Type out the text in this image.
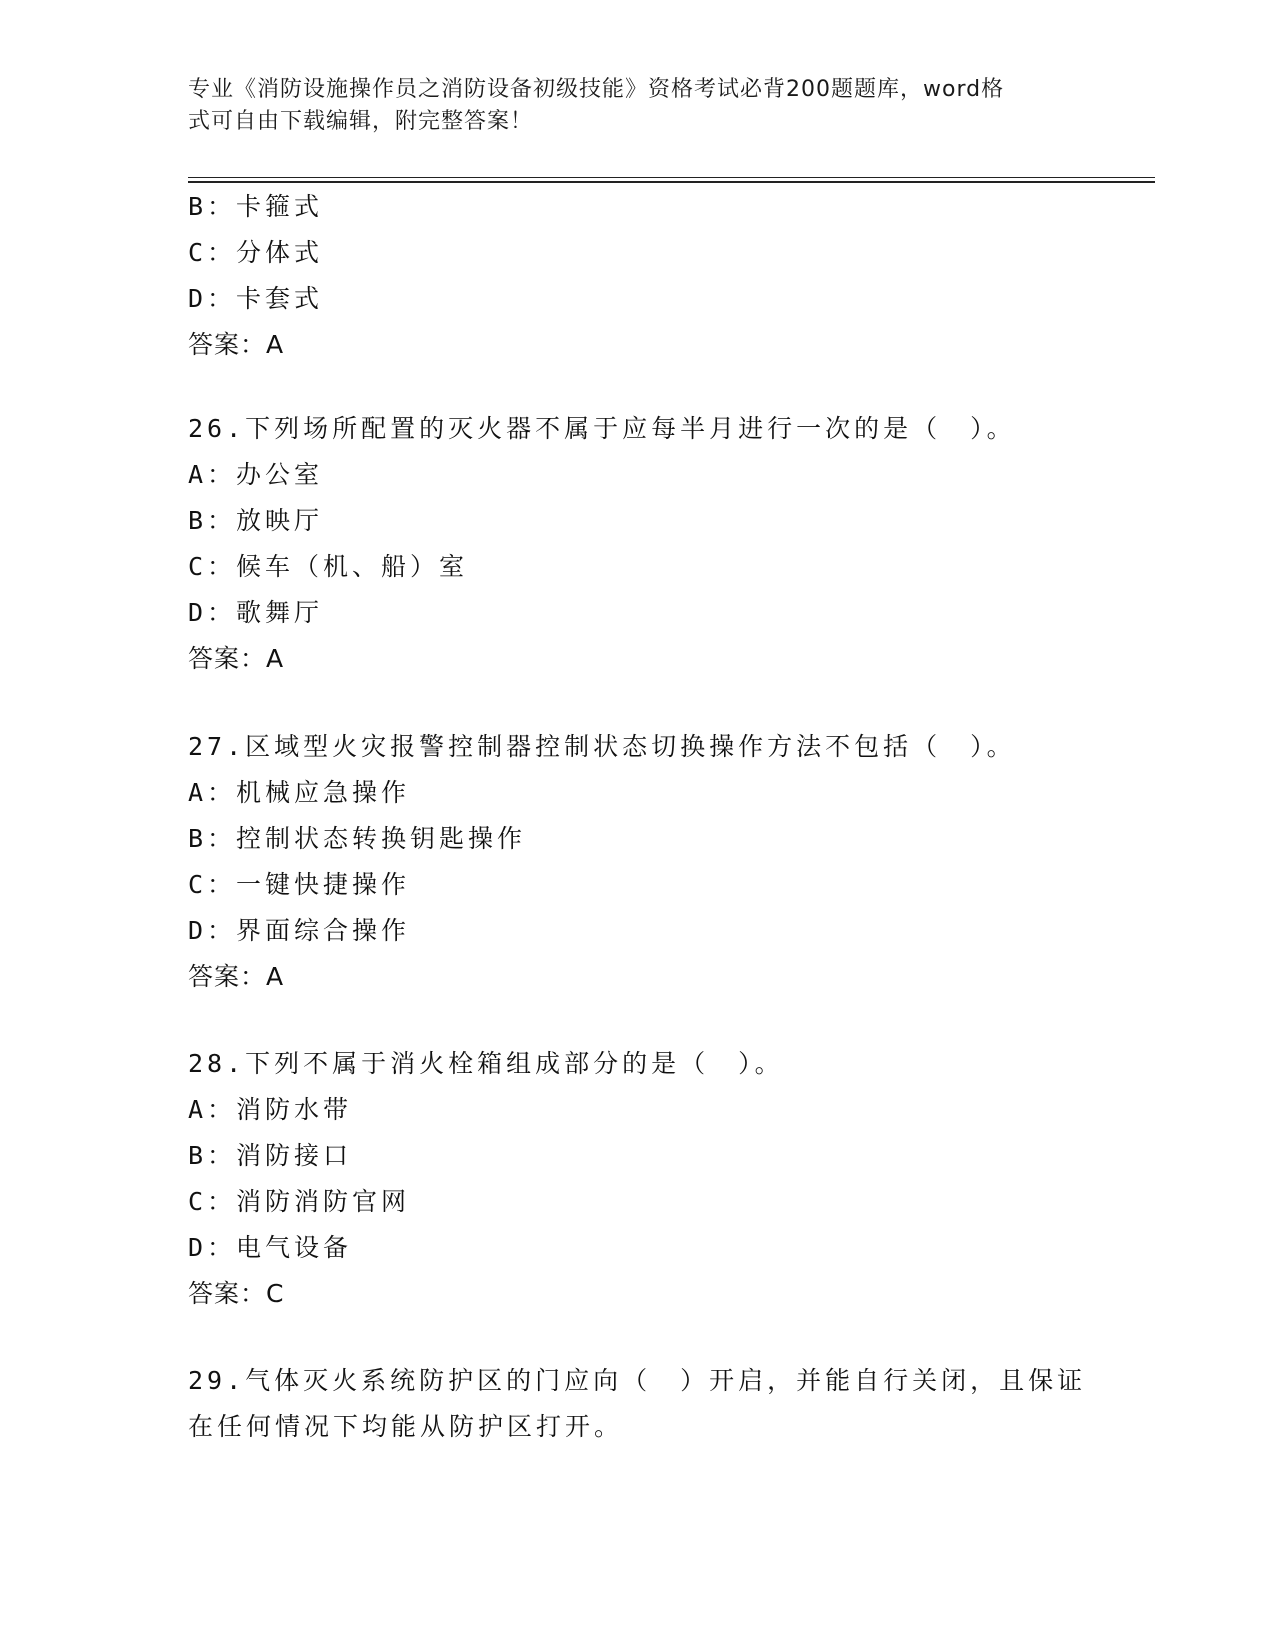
专业《消防设施操作员之消防设备初级技能》资格考试必背200题题库，word格
式可自由下载编辑，附完整答案！
B：卡箍式
C：分体式
D：卡套式
答案：A
26.下列场所配置的灭火器不属于应每半月进行一次的是（　）。
A：办公室
B：放映厅
C：候车（机、船）室
D：歌舞厅
答案：A
27.区域型火灾报警控制器控制状态切换操作方法不包括（　）。
A：机械应急操作
B：控制状态转换钥匙操作
C：一键快捷操作
D：界面综合操作
答案：A
28.下列不属于消火栓箱组成部分的是（　）。
A：消防水带
B：消防接口
C：消防消防官网
D：电气设备
答案：C
29.气体灭火系统防护区的门应向（　）开启，并能自行关闭，且保证
在任何情况下均能从防护区打开。
